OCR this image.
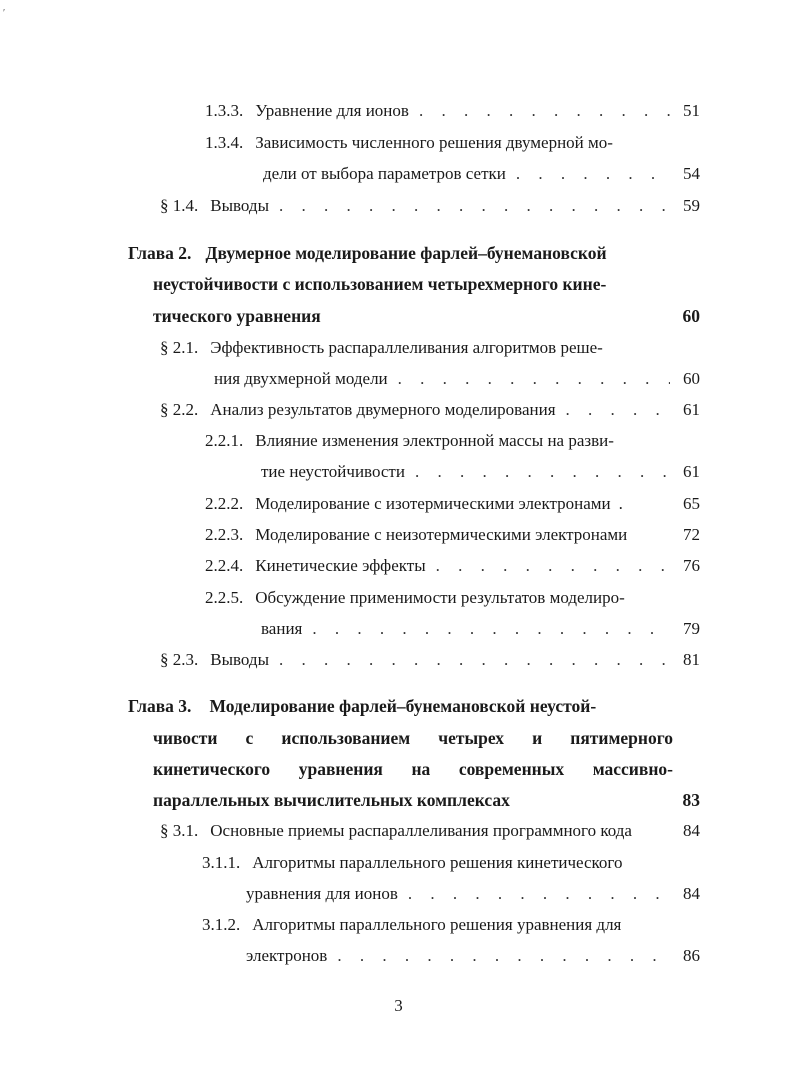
′
1.3.3. Уравнение для ионов . . .	51
1.3.4. Зависимость численного решения двумерной мо-
дели от выбора параметров сетки . . .	54
§ 1.4. Выводы . . .	59
Глава 2. Двумерное моделирование фарлей–бунемановской
неустойчивости с использованием четырехмерного кине-
тического уравнения	60
§ 2.1. Эффективность распараллеливания алгоритмов реше-
ния двухмерной модели . . .	60
§ 2.2. Анализ результатов двумерного моделирования . . .	61
2.2.1. Влияние изменения электронной массы на разви-
тие неустойчивости . . .	61
2.2.2. Моделирование с изотермическими электронами .	65
2.2.3. Моделирование с неизотермическими электронами	72
2.2.4. Кинетические эффекты . . .	76
2.2.5. Обсуждение применимости результатов моделиро-
вания . . .	79
§ 2.3. Выводы . . .	81
Глава 3. Моделирование фарлей–бунемановской неустой-
чивости с использованием четырех и пятимерного
кинетического уравнения на современных массивно-
параллельных вычислительных комплексах	83
§ 3.1. Основные приемы распараллеливания программного кода	84
3.1.1. Алгоритмы параллельного решения кинетического
уравнения для ионов . . .	84
3.1.2. Алгоритмы параллельного решения уравнения для
электронов . . .	86
3
